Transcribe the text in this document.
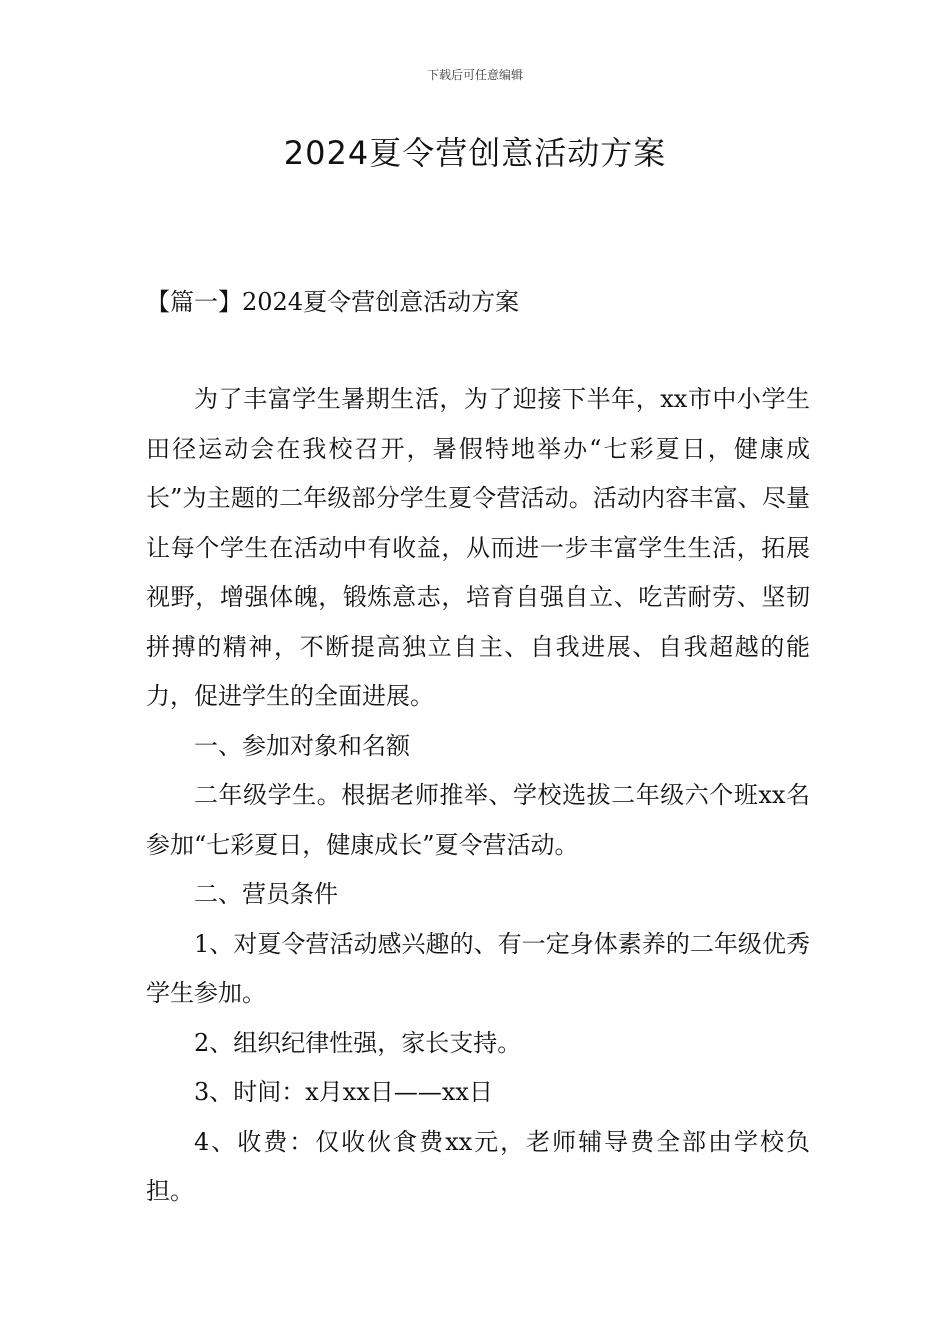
下载后可任意编辑
2024夏令营创意活动方案
【篇一】2024夏令营创意活动方案

为了丰富学生暑期生活，为了迎接下半年，xx市中小学生田径运动会在我校召开，暑假特地举办“七彩夏日，健康成长”为主题的二年级部分学生夏令营活动。活动内容丰富、尽量让每个学生在活动中有收益，从而进一步丰富学生生活，拓展视野，增强体魄，锻炼意志，培育自强自立、吃苦耐劳、坚韧拼搏的精神，不断提高独立自主、自我进展、自我超越的能力，促进学生的全面进展。

一、参加对象和名额

二年级学生。根据老师推举、学校选拔二年级六个班xx名参加“七彩夏日，健康成长”夏令营活动。

二、营员条件

1、对夏令营活动感兴趣的、有一定身体素养的二年级优秀学生参加。

2、组织纪律性强，家长支持。

3、时间：x月xx日——xx日

4、收费：仅收伙食费xx元，老师辅导费全部由学校负担。
